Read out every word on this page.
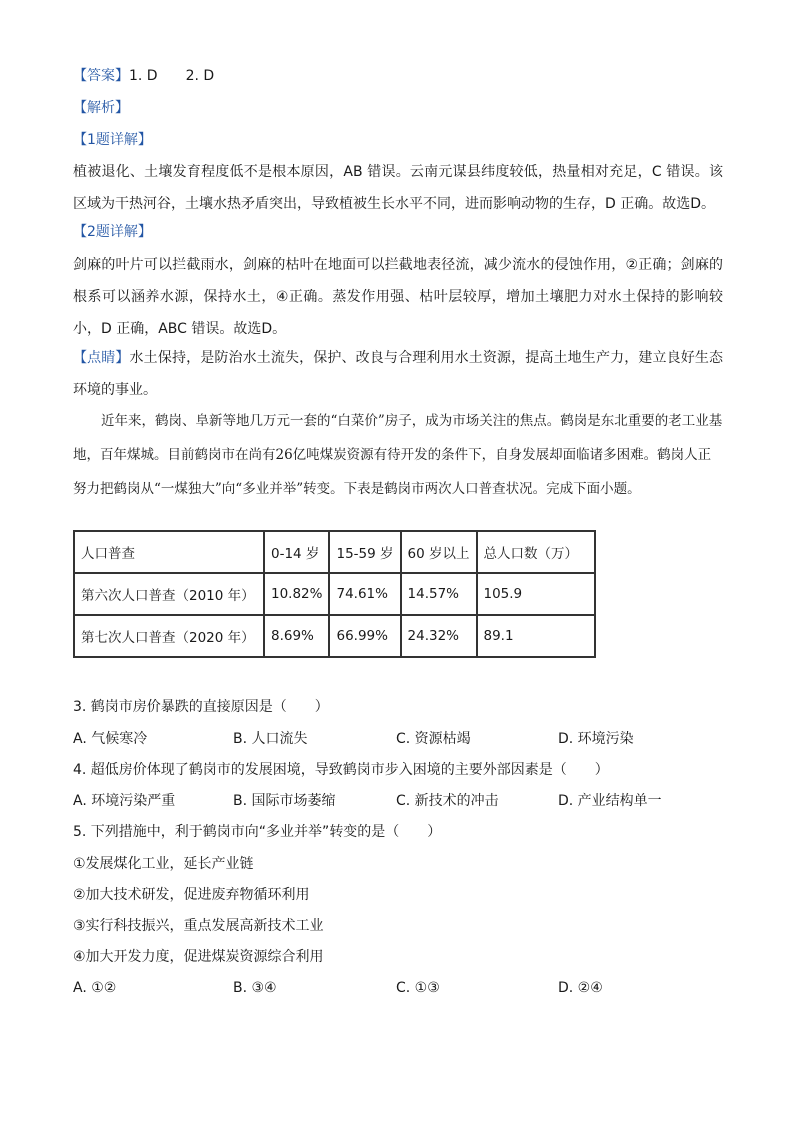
【答案】1. D　　2. D
【解析】
【1题详解】
植被退化、土壤发育程度低不是根本原因，AB 错误。云南元谋县纬度较低，热量相对充足，C 错误。该区域为干热河谷，土壤水热矛盾突出，导致植被生长水平不同，进而影响动物的生存，D 正确。故选D。
【2题详解】
剑麻的叶片可以拦截雨水，剑麻的枯叶在地面可以拦截地表径流，减少流水的侵蚀作用，②正确；剑麻的根系可以涵养水源，保持水土，④正确。蒸发作用强、枯叶层较厚，增加土壤肥力对水土保持的影响较小，D 正确，ABC 错误。故选D。
【点睛】水土保持，是防治水土流失，保护、改良与合理利用水土资源，提高土地生产力，建立良好生态环境的事业。
近年来，鹤岗、阜新等地几万元一套的“白菜价”房子，成为市场关注的焦点。鹤岗是东北重要的老工业基地，百年煤城。目前鹤岗市在尚有26亿吨煤炭资源有待开发的条件下，自身发展却面临诸多困难。鹤岗人正努力把鹤岗从“一煤独大”向“多业并举”转变。下表是鹤岗市两次人口普查状况。完成下面小题。
人口普查	0-14 岁	15-59 岁	60 岁以上	总人口数（万）
第六次人口普查（2010 年）	10.82%	74.61%	14.57%	105.9
第七次人口普查（2020 年）	8.69%	66.99%	24.32%	89.1
3. 鹤岗市房价暴跌的直接原因是（　　）
A. 气候寒冷	B. 人口流失	C. 资源枯竭	D. 环境污染
4. 超低房价体现了鹤岗市的发展困境，导致鹤岗市步入困境的主要外部因素是（　　）
A. 环境污染严重	B. 国际市场萎缩	C. 新技术的冲击	D. 产业结构单一
5. 下列措施中，利于鹤岗市向“多业并举”转变的是（　　）
①发展煤化工业，延长产业链
②加大技术研发，促进废弃物循环利用
③实行科技振兴，重点发展高新技术工业
④加大开发力度，促进煤炭资源综合利用
A. ①②	B. ③④	C. ①③	D. ②④
